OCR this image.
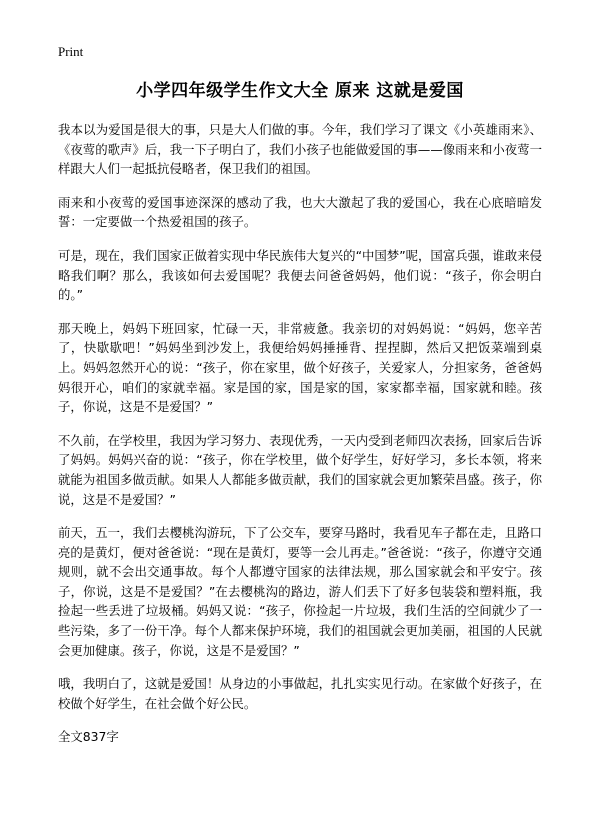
Print
小学四年级学生作文大全 原来 这就是爱国

我本以为爱国是很大的事，只是大人们做的事。今年，我们学习了课文《小英雄雨来》、《夜莺的歌声》后，我一下子明白了，我们小孩子也能做爱国的事——像雨来和小夜莺一样跟大人们一起抵抗侵略者，保卫我们的祖国。

雨来和小夜莺的爱国事迹深深的感动了我，也大大激起了我的爱国心，我在心底暗暗发誓：一定要做一个热爱祖国的孩子。

可是，现在，我们国家正做着实现中华民族伟大复兴的“中国梦”呢，国富兵强，谁敢来侵略我们啊？那么，我该如何去爱国呢？我便去问爸爸妈妈，他们说：“孩子，你会明白的。”

那天晚上，妈妈下班回家，忙碌一天，非常疲惫。我亲切的对妈妈说：“妈妈，您辛苦了，快歇歇吧！”妈妈坐到沙发上，我便给妈妈捶捶背、捏捏脚，然后又把饭菜端到桌上。妈妈忽然开心的说：“孩子，你在家里，做个好孩子，关爱家人，分担家务，爸爸妈妈很开心，咱们的家就幸福。家是国的家，国是家的国，家家都幸福，国家就和睦。孩子，你说，这是不是爱国？”

不久前，在学校里，我因为学习努力、表现优秀，一天内受到老师四次表扬，回家后告诉了妈妈。妈妈兴奋的说：“孩子，你在学校里，做个好学生，好好学习，多长本领，将来就能为祖国多做贡献。如果人人都能多做贡献，我们的国家就会更加繁荣昌盛。孩子，你说，这是不是爱国？”

前天，五一，我们去樱桃沟游玩，下了公交车，要穿马路时，我看见车子都在走，且路口亮的是黄灯，便对爸爸说：“现在是黄灯，要等一会儿再走。”爸爸说：“孩子，你遵守交通规则，就不会出交通事故。每个人都遵守国家的法律法规，那么国家就会和平安宁。孩子，你说，这是不是爱国？”在去樱桃沟的路边，游人们丢下了好多包装袋和塑料瓶，我捡起一些丢进了垃圾桶。妈妈又说：“孩子，你捡起一片垃圾，我们生活的空间就少了一些污染，多了一份干净。每个人都来保护环境，我们的祖国就会更加美丽，祖国的人民就会更加健康。孩子，你说，这是不是爱国？”

哦，我明白了，这就是爱国！从身边的小事做起，扎扎实实见行动。在家做个好孩子，在校做个好学生，在社会做个好公民。

全文837字
